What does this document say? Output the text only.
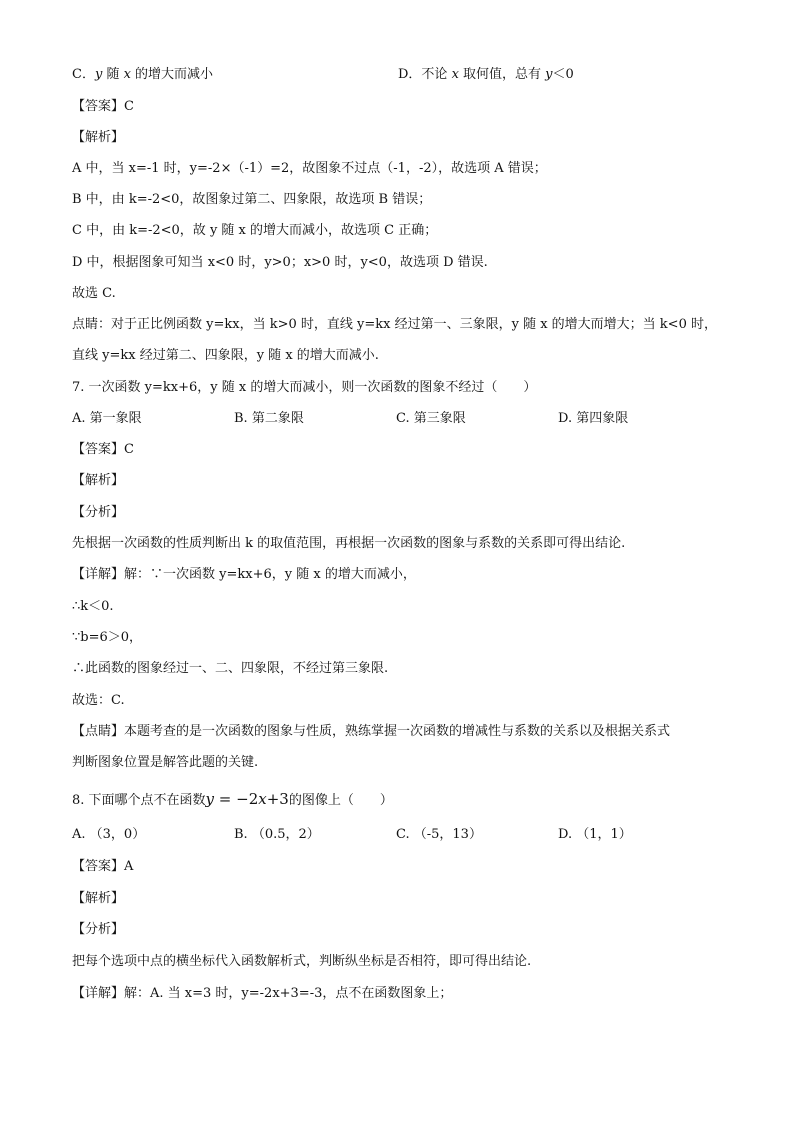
C．y 随 x 的增大而减小	D．不论 x 取何值，总有 y＜0
【答案】C
【解析】
A 中，当 x=-1 时，y=-2×（-1）=2，故图象不过点（-1，-2），故选项 A 错误；
B 中，由 k=-2<0，故图象过第二、四象限，故选项 B 错误；
C 中，由 k=-2<0，故 y 随 x 的增大而减小，故选项 C 正确；
D 中，根据图象可知当 x<0 时，y>0；x>0 时，y<0，故选项 D 错误.
故选 C.
点睛：对于正比例函数 y=kx，当 k>0 时，直线 y=kx 经过第一、三象限，y 随 x 的增大而增大；当 k<0 时，
直线 y=kx 经过第二、四象限，y 随 x 的增大而减小.
7. 一次函数 y=kx+6，y 随 x 的增大而减小，则一次函数的图象不经过（　　）
A. 第一象限	B. 第二象限	C. 第三象限	D. 第四象限
【答案】C
【解析】
【分析】
先根据一次函数的性质判断出 k 的取值范围，再根据一次函数的图象与系数的关系即可得出结论.
【详解】解：∵一次函数 y=kx+6，y 随 x 的增大而减小，
∴k＜0.
∵b=6＞0，
∴此函数的图象经过一、二、四象限，不经过第三象限.
故选：C.
【点睛】本题考查的是一次函数的图象与性质，熟练掌握一次函数的增减性与系数的关系以及根据关系式
判断图象位置是解答此题的关键.
8. 下面哪个点不在函数y = −2x+3的图像上（　　）
A. （3，0）	B. （0.5，2）	C. （-5，13）	D. （1，1）
【答案】A
【解析】
【分析】
把每个选项中点的横坐标代入函数解析式，判断纵坐标是否相符，即可得出结论.
【详解】解：A. 当 x=3 时，y=-2x+3=-3，点不在函数图象上；
